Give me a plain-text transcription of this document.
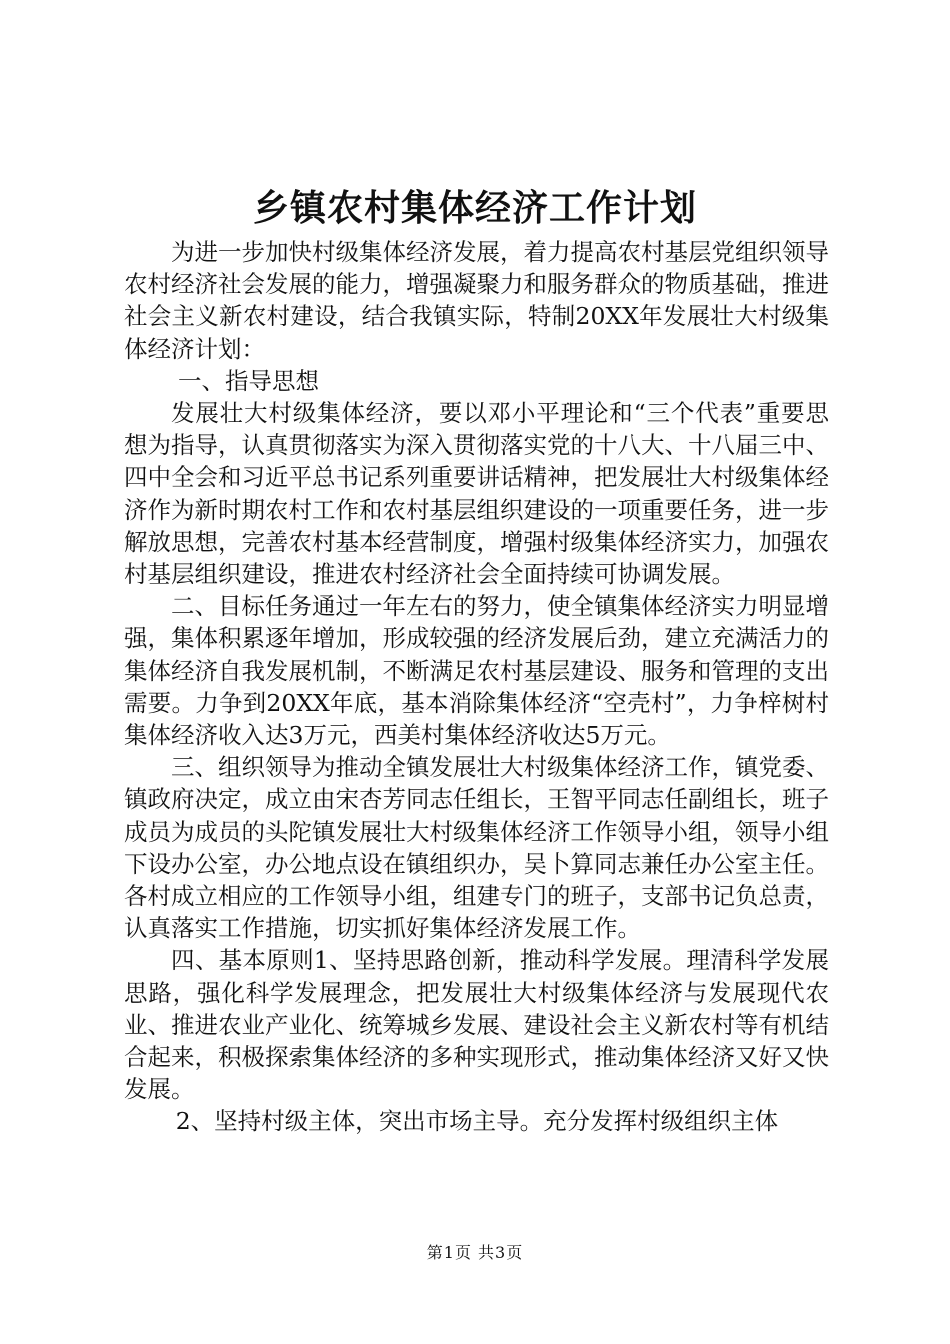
乡镇农村集体经济工作计划

为进一步加快村级集体经济发展，着力提高农村基层党组织领导农村经济社会发展的能力，增强凝聚力和服务群众的物质基础，推进社会主义新农村建设，结合我镇实际，特制20XX年发展壮大村级集体经济计划：

一、指导思想

发展壮大村级集体经济，要以邓小平理论和“三个代表”重要思想为指导，认真贯彻落实为深入贯彻落实党的十八大、十八届三中、四中全会和习近平总书记系列重要讲话精神，把发展壮大村级集体经济作为新时期农村工作和农村基层组织建设的一项重要任务，进一步解放思想，完善农村基本经营制度，增强村级集体经济实力，加强农村基层组织建设，推进农村经济社会全面持续可协调发展。

二、目标任务通过一年左右的努力，使全镇集体经济实力明显增强，集体积累逐年增加，形成较强的经济发展后劲，建立充满活力的集体经济自我发展机制，不断满足农村基层建设、服务和管理的支出需要。力争到20XX年底，基本消除集体经济“空壳村”，力争梓树村集体经济收入达3万元，西美村集体经济收达5万元。

三、组织领导为推动全镇发展壮大村级集体经济工作，镇党委、镇政府决定，成立由宋杏芳同志任组长，王智平同志任副组长，班子成员为成员的头陀镇发展壮大村级集体经济工作领导小组，领导小组下设办公室，办公地点设在镇组织办，吴卜算同志兼任办公室主任。各村成立相应的工作领导小组，组建专门的班子，支部书记负总责，认真落实工作措施，切实抓好集体经济发展工作。

四、基本原则1、坚持思路创新，推动科学发展。理清科学发展思路，强化科学发展理念，把发展壮大村级集体经济与发展现代农业、推进农业产业化、统筹城乡发展、建设社会主义新农村等有机结合起来，积极探索集体经济的多种实现形式，推动集体经济又好又快发展。

2、坚持村级主体，突出市场主导。充分发挥村级组织主体

第1页 共3页
